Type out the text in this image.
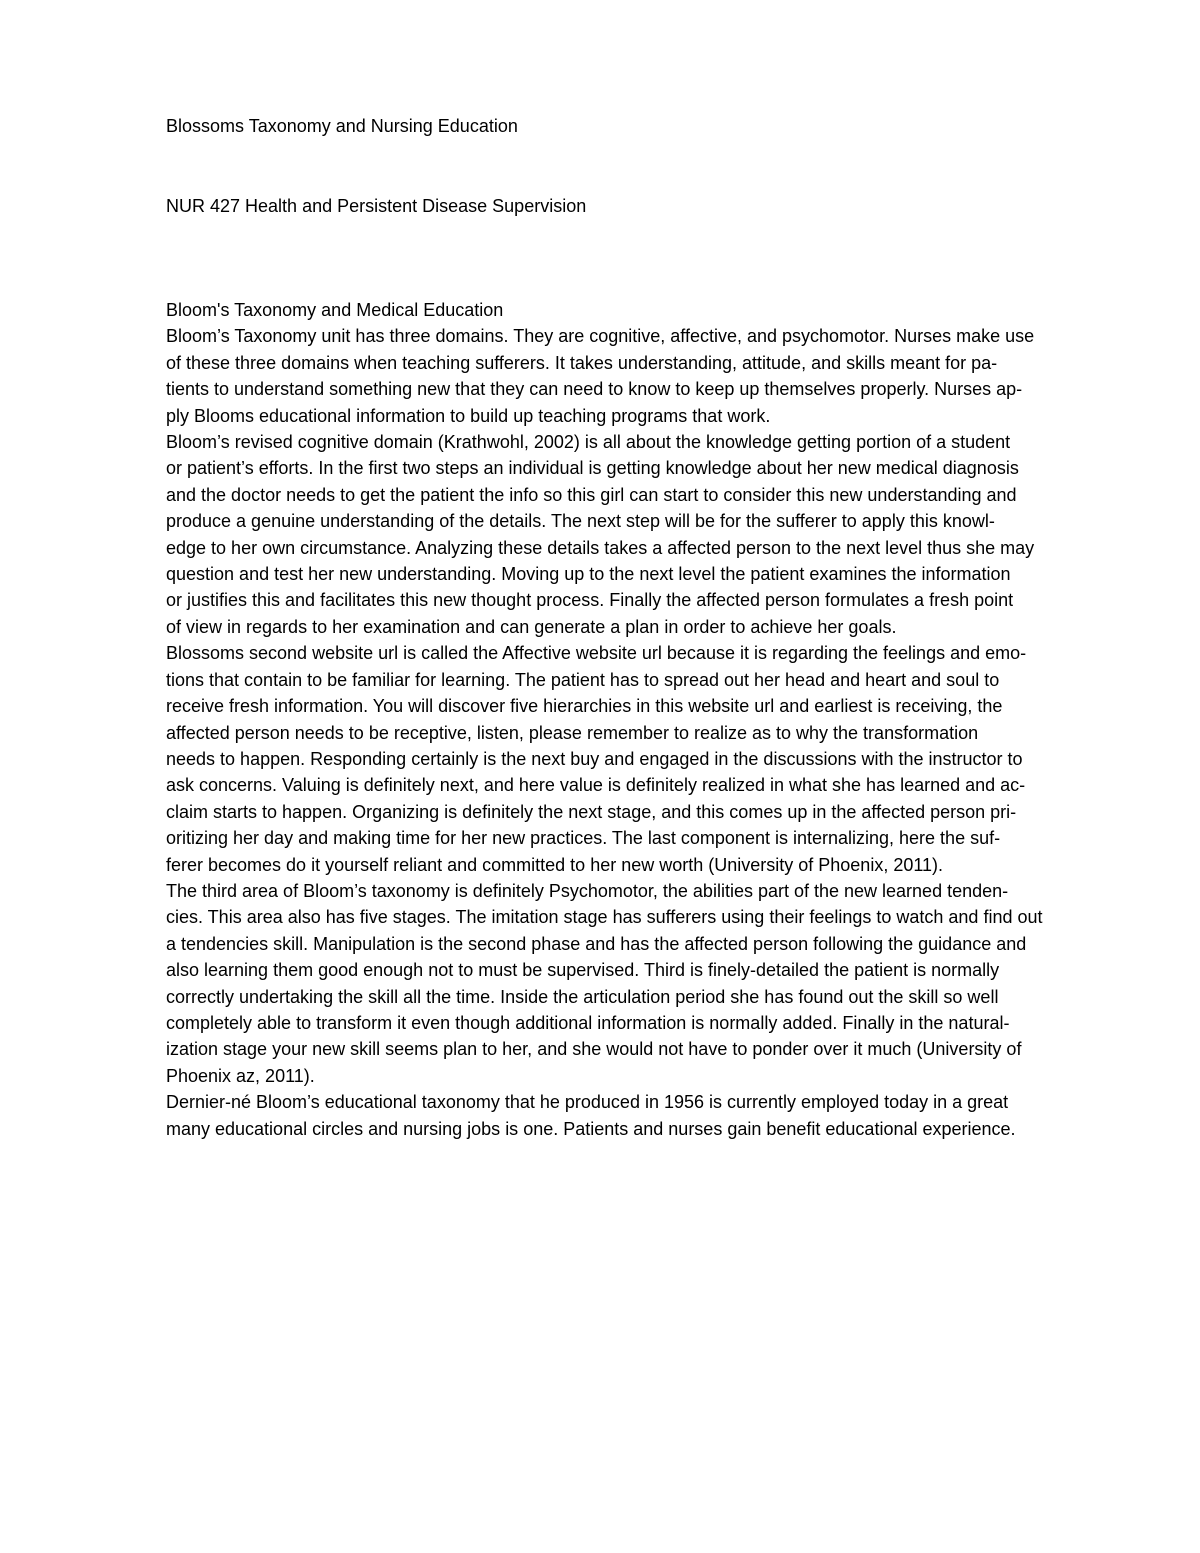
Blossoms Taxonomy and Nursing Education

NUR 427 Health and Persistent Disease Supervision

Bloom's Taxonomy and Medical Education

Bloom’s Taxonomy unit has three domains. They are cognitive, affective, and psychomotor. Nurses make use

of these three domains when teaching sufferers. It takes understanding, attitude, and skills meant for pa-

tients to understand something new that they can need to know to keep up themselves properly. Nurses ap-

ply Blooms educational information to build up teaching programs that work.

Bloom’s revised cognitive domain (Krathwohl, 2002) is all about the knowledge getting portion of a student

or patient’s efforts. In the first two steps an individual is getting knowledge about her new medical diagnosis

and the doctor needs to get the patient the info so this girl can start to consider this new understanding and

produce a genuine understanding of the details. The next step will be for the sufferer to apply this knowl-

edge to her own circumstance. Analyzing these details takes a affected person to the next level thus she may

question and test her new understanding. Moving up to the next level the patient examines the information

or justifies this and facilitates this new thought process. Finally the affected person formulates a fresh point

of view in regards to her examination and can generate a plan in order to achieve her goals.

Blossoms second website url is called the Affective website url because it is regarding the feelings and emo-

tions that contain to be familiar for learning. The patient has to spread out her head and heart and soul to

receive fresh information. You will discover five hierarchies in this website url and earliest is receiving, the

affected person needs to be receptive, listen, please remember to realize as to why the transformation

needs to happen. Responding certainly is the next buy and engaged in the discussions with the instructor to

ask concerns. Valuing is definitely next, and here value is definitely realized in what she has learned and ac-

claim starts to happen. Organizing is definitely the next stage, and this comes up in the affected person pri-

oritizing her day and making time for her new practices. The last component is internalizing, here the suf-

ferer becomes do it yourself reliant and committed to her new worth (University of Phoenix, 2011).

The third area of Bloom’s taxonomy is definitely Psychomotor, the abilities part of the new learned tenden-

cies. This area also has five stages. The imitation stage has sufferers using their feelings to watch and find out

a tendencies skill. Manipulation is the second phase and has the affected person following the guidance and

also learning them good enough not to must be supervised. Third is finely-detailed the patient is normally

correctly undertaking the skill all the time. Inside the articulation period she has found out the skill so well

completely able to transform it even though additional information is normally added. Finally in the natural-

ization stage your new skill seems plan to her, and she would not have to ponder over it much (University of

Phoenix az, 2011).

Dernier-né Bloom’s educational taxonomy that he produced in 1956 is currently employed today in a great

many educational circles and nursing jobs is one. Patients and nurses gain benefit educational experience.
